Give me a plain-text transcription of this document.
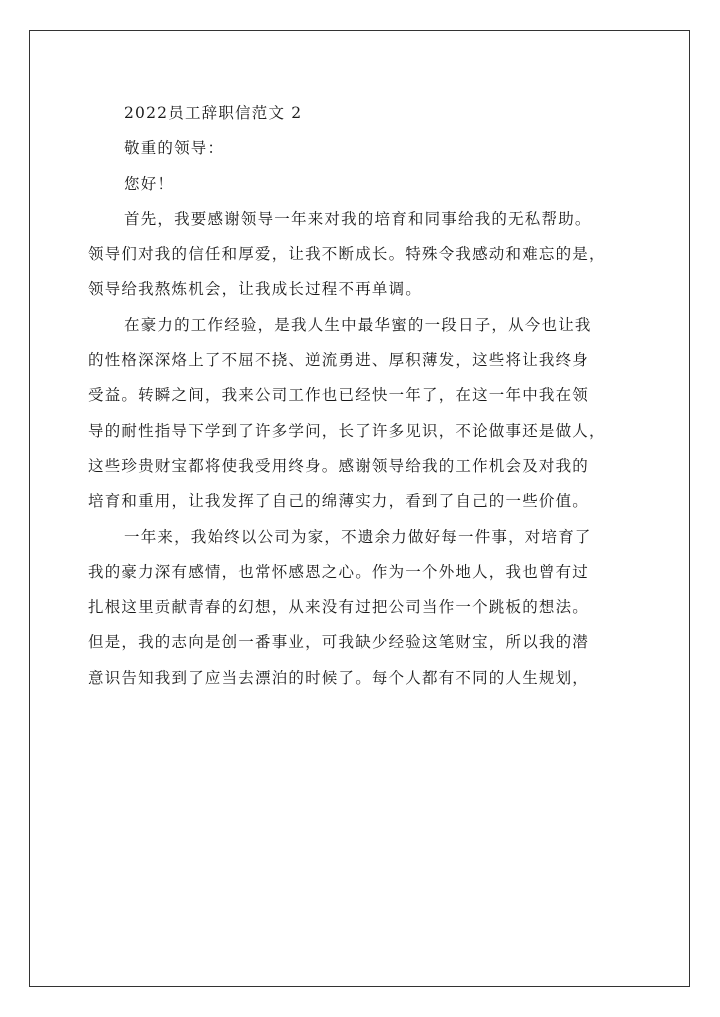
2022员工辞职信范文 2
敬重的领导：
您好！
首先，我要感谢领导一年来对我的培育和同事给我的无私帮助。
领导们对我的信任和厚爱，让我不断成长。特殊令我感动和难忘的是，
领导给我熬炼机会，让我成长过程不再单调。
在豪力的工作经验，是我人生中最华蜜的一段日子，从今也让我
的性格深深烙上了不屈不挠、逆流勇进、厚积薄发，这些将让我终身
受益。转瞬之间，我来公司工作也已经快一年了，在这一年中我在领
导的耐性指导下学到了许多学问，长了许多见识，不论做事还是做人，
这些珍贵财宝都将使我受用终身。感谢领导给我的工作机会及对我的
培育和重用，让我发挥了自己的绵薄实力，看到了自己的一些价值。
一年来，我始终以公司为家，不遗余力做好每一件事，对培育了
我的豪力深有感情，也常怀感恩之心。作为一个外地人，我也曾有过
扎根这里贡献青春的幻想，从来没有过把公司当作一个跳板的想法。
但是，我的志向是创一番事业，可我缺少经验这笔财宝，所以我的潜
意识告知我到了应当去漂泊的时候了。每个人都有不同的人生规划，
